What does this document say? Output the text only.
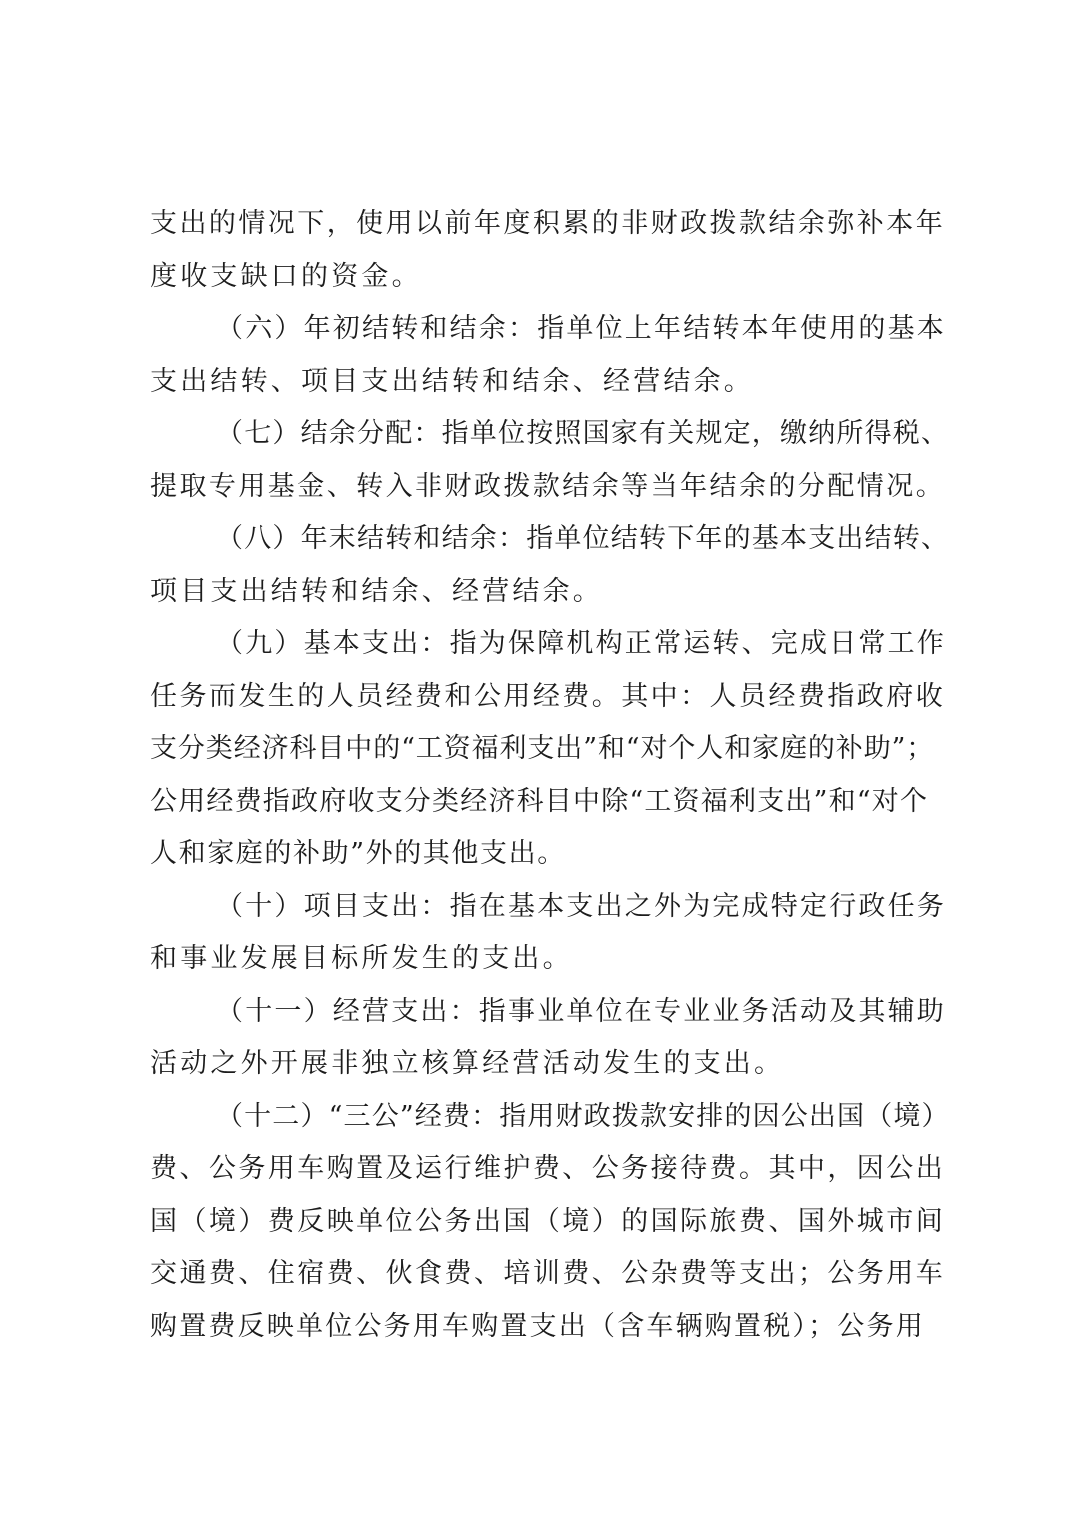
支出的情况下，使用以前年度积累的非财政拨款结余弥补本年

度收支缺口的资金。

（六）年初结转和结余：指单位上年结转本年使用的基本

支出结转、项目支出结转和结余、经营结余。

（七）结余分配：指单位按照国家有关规定，缴纳所得税、

提取专用基金、转入非财政拨款结余等当年结余的分配情况。

（八）年末结转和结余：指单位结转下年的基本支出结转、

项目支出结转和结余、经营结余。

（九）基本支出：指为保障机构正常运转、完成日常工作

任务而发生的人员经费和公用经费。其中：人员经费指政府收

支分类经济科目中的“工资福利支出”和“对个人和家庭的补助”；

公用经费指政府收支分类经济科目中除“工资福利支出”和“对个

人和家庭的补助”外的其他支出。

（十）项目支出：指在基本支出之外为完成特定行政任务

和事业发展目标所发生的支出。

（十一）经营支出：指事业单位在专业业务活动及其辅助

活动之外开展非独立核算经营活动发生的支出。

（十二）“三公”经费：指用财政拨款安排的因公出国（境）

费、公务用车购置及运行维护费、公务接待费。其中，因公出

国（境）费反映单位公务出国（境）的国际旅费、国外城市间

交通费、住宿费、伙食费、培训费、公杂费等支出；公务用车

购置费反映单位公务用车购置支出（含车辆购置税）；公务用
